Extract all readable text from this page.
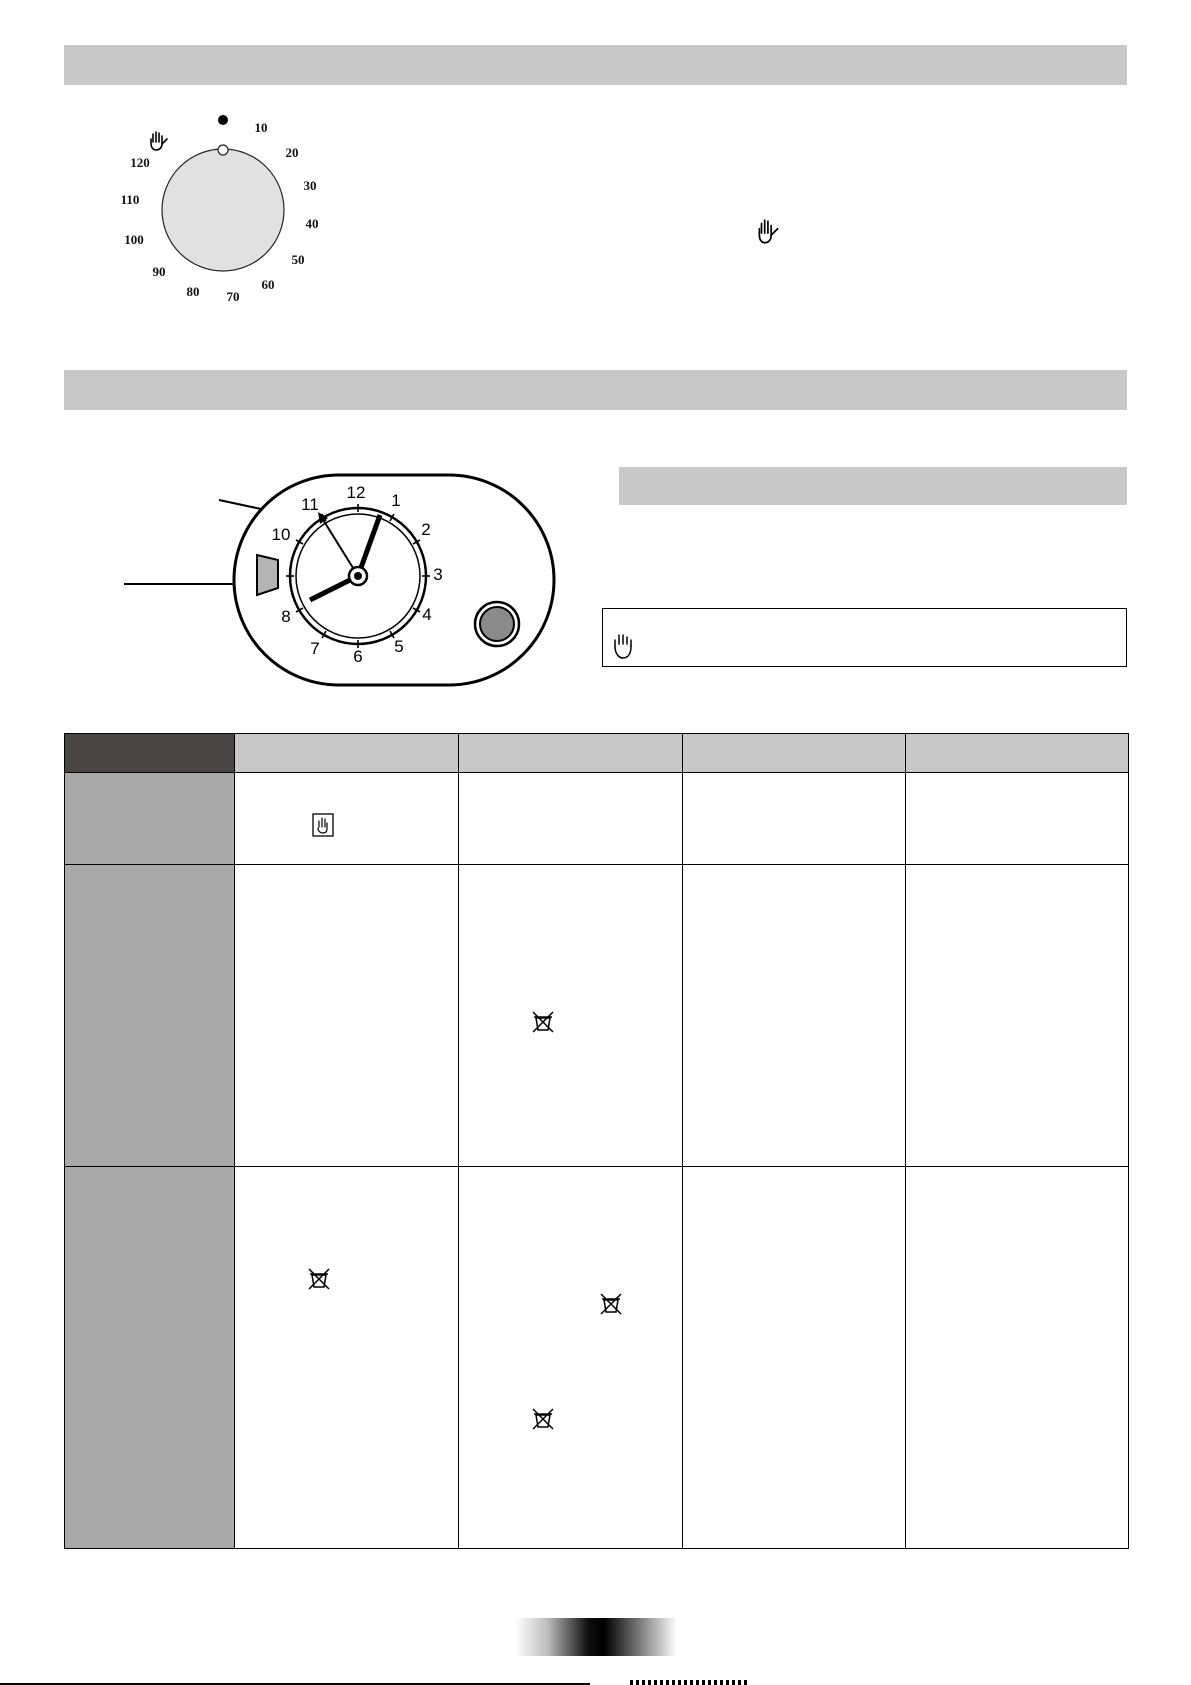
10
20
30
40
50
60
70
80
90
100
110
120
12 1
2
3
4
5
6
7
8
10
11
